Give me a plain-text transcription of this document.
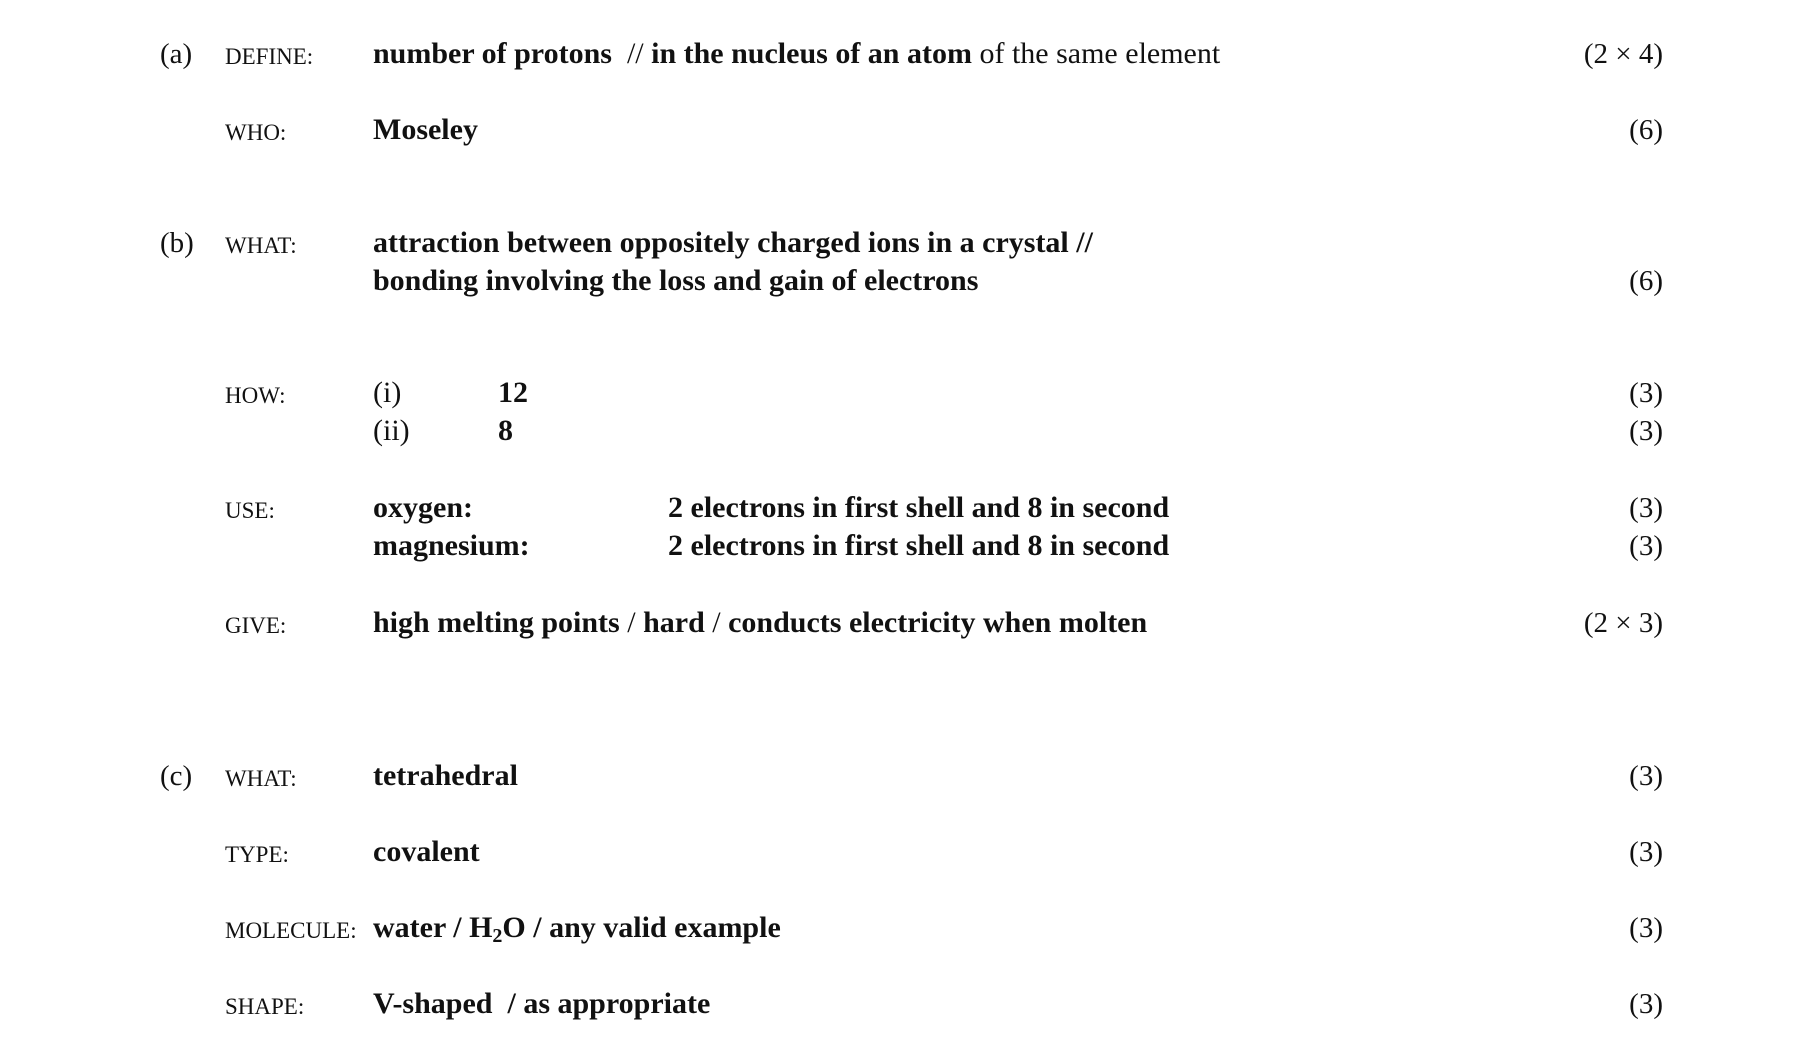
(a) DEFINE: number of protons // in the nucleus of an atom of the same element	(2 × 4)
WHO:	Moseley	(6)
(b) WHAT:	attraction between oppositely charged ions in a crystal //
bonding involving the loss and gain of electrons	(6)
HOW:	(i)	12	(3)
(ii)	8	(3)
USE:	oxygen:	2 electrons in first shell and 8 in second	(3)
magnesium:	2 electrons in first shell and 8 in second	(3)
GIVE:	high melting points / hard / conducts electricity when molten	(2 × 3)
(c) WHAT:	tetrahedral	(3)
TYPE:	covalent	(3)
MOLECULE: water / $H_2O$ / any valid example	(3)
SHAPE: V-shaped / as appropriate	(3)
